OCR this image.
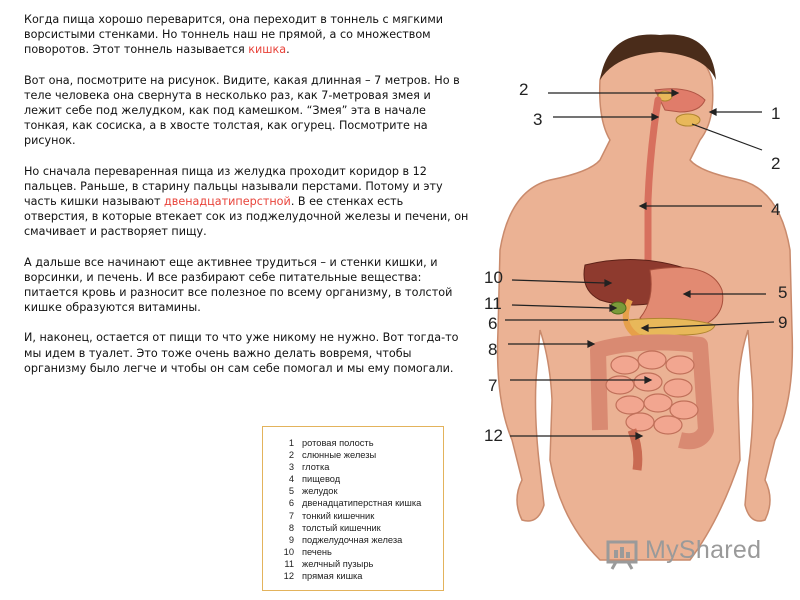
Когда пища хорошо переварится, она переходит в тоннель с мягкими ворсистыми стенками. Но тоннель наш не прямой, а со множеством поворотов. Этот тоннель называется кишка.

Вот она, посмотрите на рисунок. Видите, какая длинная – 7 метров. Но в теле человека она свернута в несколько раз, как 7-метровая змея и лежит себе под желудком, как под камешком. “Змея” эта в начале тонкая, как сосиска, а в хвосте толстая, как огурец. Посмотрите на рисунок.

Но сначала переваренная пища из желудка проходит коридор в 12 пальцев. Раньше, в старину пальцы называли перстами. Потому и эту часть кишки называют двенадцатиперстной. В ее стенках есть отверстия, в которые втекает сок из поджелудочной железы и печени, он смачивает и растворяет пищу.

А дальше все начинают еще активнее трудиться – и стенки кишки, и ворсинки, и печень. И все разбирают себе питательные вещества: питается кровь и разносит все полезное по всему организму, в толстой кишке образуются витамины.

И, наконец, остается от пищи то что уже никому не нужно. Вот тогда-то мы идем в туалет. Это тоже очень важно делать вовремя, чтобы организму было легче и чтобы он сам себе помогал и мы ему помогали.

1 ротовая полость
2 слюнные железы
3 глотка
4 пищевод
5 желудок
6 двенадцатиперстная кишка
7 тонкий кишечник
8 толстый кишечник
9 поджелудочная железа
10 печень
11 желчный пузырь
12 прямая кишка
2
3	1
2
4
10
5
11
6	9
8
7
12
MyShared
